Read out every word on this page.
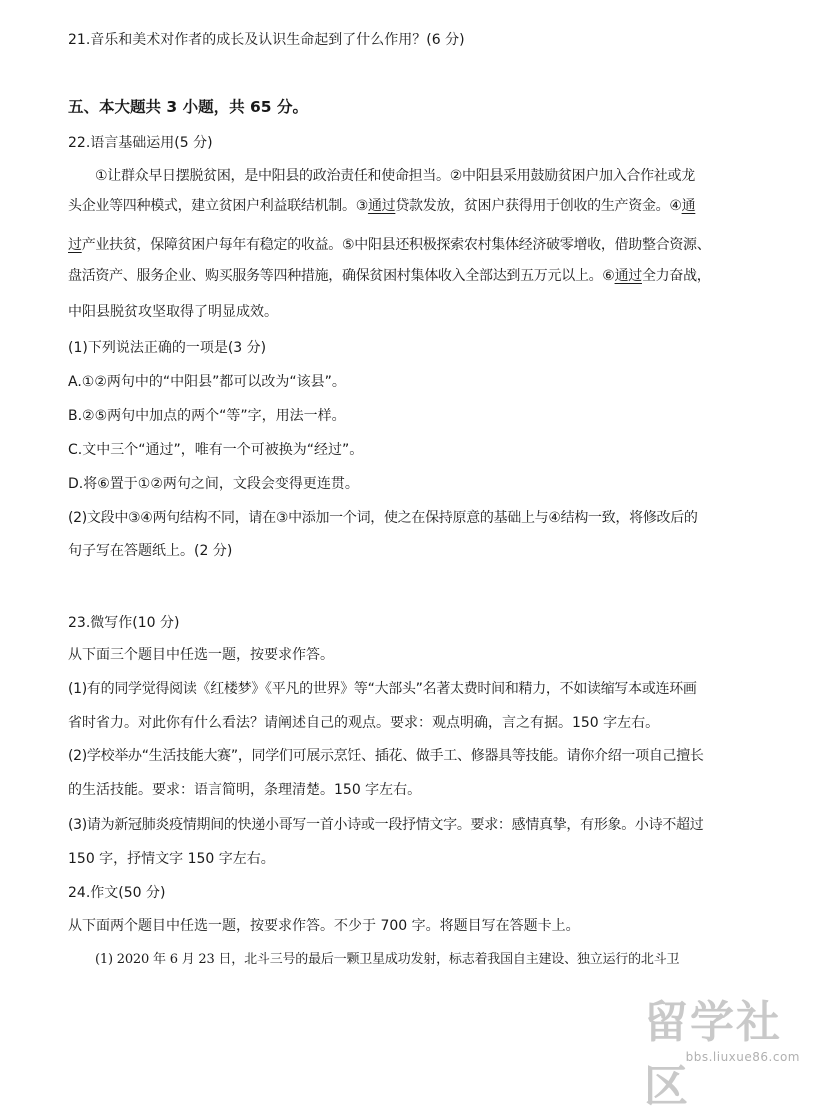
21.音乐和美术对作者的成长及认识生命起到了什么作用？(6 分)
五、本大题共 3 小题，共 65 分。
22.语言基础运用(5 分)
①让群众早日摆脱贫困，是中阳县的政治责任和使命担当。②中阳县采用鼓励贫困户加入合作社或龙
头企业等四种模式，建立贫困户利益联结机制。③通过贷款发放，贫困户获得用于创收的生产资金。④通
过产业扶贫，保障贫困户每年有稳定的收益。⑤中阳县还积极探索农村集体经济破零增收，借助整合资源、
盘活资产、服务企业、购买服务等四种措施，确保贫困村集体收入全部达到五万元以上。⑥通过全力奋战，
中阳县脱贫攻坚取得了明显成效。
(1)下列说法正确的一项是(3 分)
A.①②两句中的“中阳县”都可以改为“该县”。
B.②⑤两句中加点的两个“等”字，用法一样。
C.文中三个“通过”，唯有一个可被换为“经过”。
D.将⑥置于①②两句之间，文段会变得更连贯。
(2)文段中③④两句结构不同，请在③中添加一个词，使之在保持原意的基础上与④结构一致，将修改后的
句子写在答题纸上。(2 分)
23.微写作(10 分)
从下面三个题目中任选一题，按要求作答。
(1)有的同学觉得阅读《红楼梦》《平凡的世界》等“大部头”名著太费时间和精力，不如读缩写本或连环画
省时省力。对此你有什么看法？请阐述自己的观点。要求：观点明确，言之有据。150 字左右。
(2)学校举办“生活技能大赛”，同学们可展示烹饪、插花、做手工、修器具等技能。请你介绍一项自己擅长
的生活技能。要求：语言简明，条理清楚。150 字左右。
(3)请为新冠肺炎疫情期间的快递小哥写一首小诗或一段抒情文字。要求：感情真挚，有形象。小诗不超过
150 字，抒情文字 150 字左右。
24.作文(50 分)
从下面两个题目中任选一题，按要求作答。不少于 700 字。将题目写在答题卡上。
(1) 2020 年 6 月 23 日，北斗三号的最后一颗卫星成功发射，标志着我国自主建设、独立运行的北斗卫
留学社区
bbs.liuxue86.com
